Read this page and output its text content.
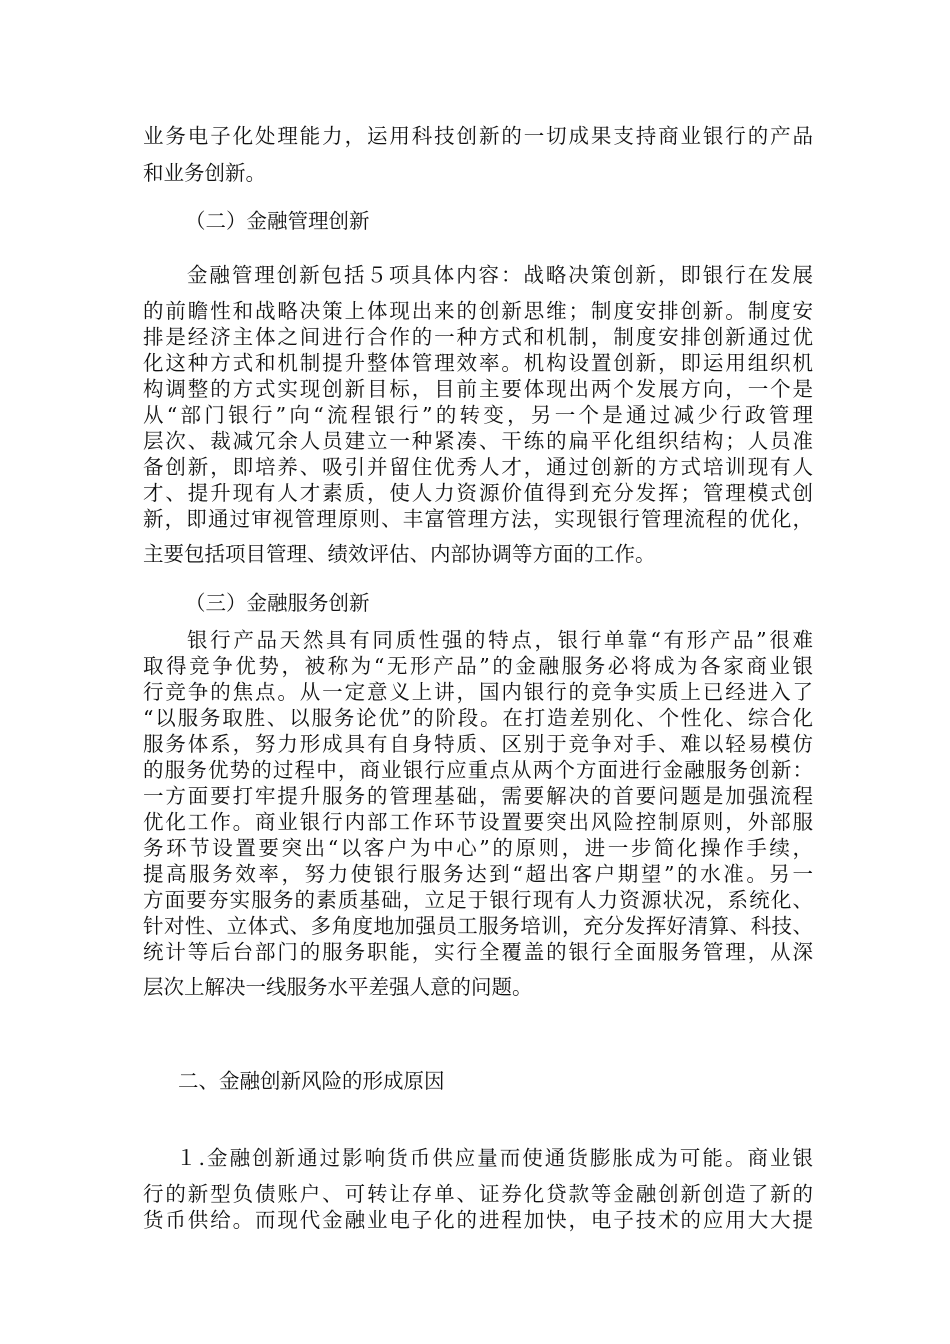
业务电子化处理能力，运用科技创新的一切成果支持商业银行的产品
和业务创新。
（二）金融管理创新
金融管理创新包括５项具体内容：战略决策创新，即银行在发展
的前瞻性和战略决策上体现出来的创新思维；制度安排创新。制度安
排是经济主体之间进行合作的一种方式和机制，制度安排创新通过优
化这种方式和机制提升整体管理效率。机构设置创新，即运用组织机
构调整的方式实现创新目标，目前主要体现出两个发展方向，一个是
从“部门银行”向“流程银行”的转变，另一个是通过减少行政管理
层次、裁减冗余人员建立一种紧凑、干练的扁平化组织结构；人员准
备创新，即培养、吸引并留住优秀人才，通过创新的方式培训现有人
才、提升现有人才素质，使人力资源价值得到充分发挥；管理模式创
新，即通过审视管理原则、丰富管理方法，实现银行管理流程的优化，
主要包括项目管理、绩效评估、内部协调等方面的工作。
（三）金融服务创新
银行产品天然具有同质性强的特点，银行单靠“有形产品”很难
取得竞争优势，被称为“无形产品”的金融服务必将成为各家商业银
行竞争的焦点。从一定意义上讲，国内银行的竞争实质上已经进入了
“以服务取胜、以服务论优”的阶段。在打造差别化、个性化、综合化
服务体系，努力形成具有自身特质、区别于竞争对手、难以轻易模仿
的服务优势的过程中，商业银行应重点从两个方面进行金融服务创新：
一方面要打牢提升服务的管理基础，需要解决的首要问题是加强流程
优化工作。商业银行内部工作环节设置要突出风险控制原则，外部服
务环节设置要突出“以客户为中心”的原则，进一步简化操作手续，
提高服务效率，努力使银行服务达到“超出客户期望”的水准。另一
方面要夯实服务的素质基础，立足于银行现有人力资源状况，系统化、
针对性、立体式、多角度地加强员工服务培训，充分发挥好清算、科技、
统计等后台部门的服务职能，实行全覆盖的银行全面服务管理，从深
层次上解决一线服务水平差强人意的问题。
二、金融创新风险的形成原因
１.金融创新通过影响货币供应量而使通货膨胀成为可能。商业银
行的新型负债账户、可转让存单、证券化贷款等金融创新创造了新的
货币供给。而现代金融业电子化的进程加快，电子技术的应用大大提
